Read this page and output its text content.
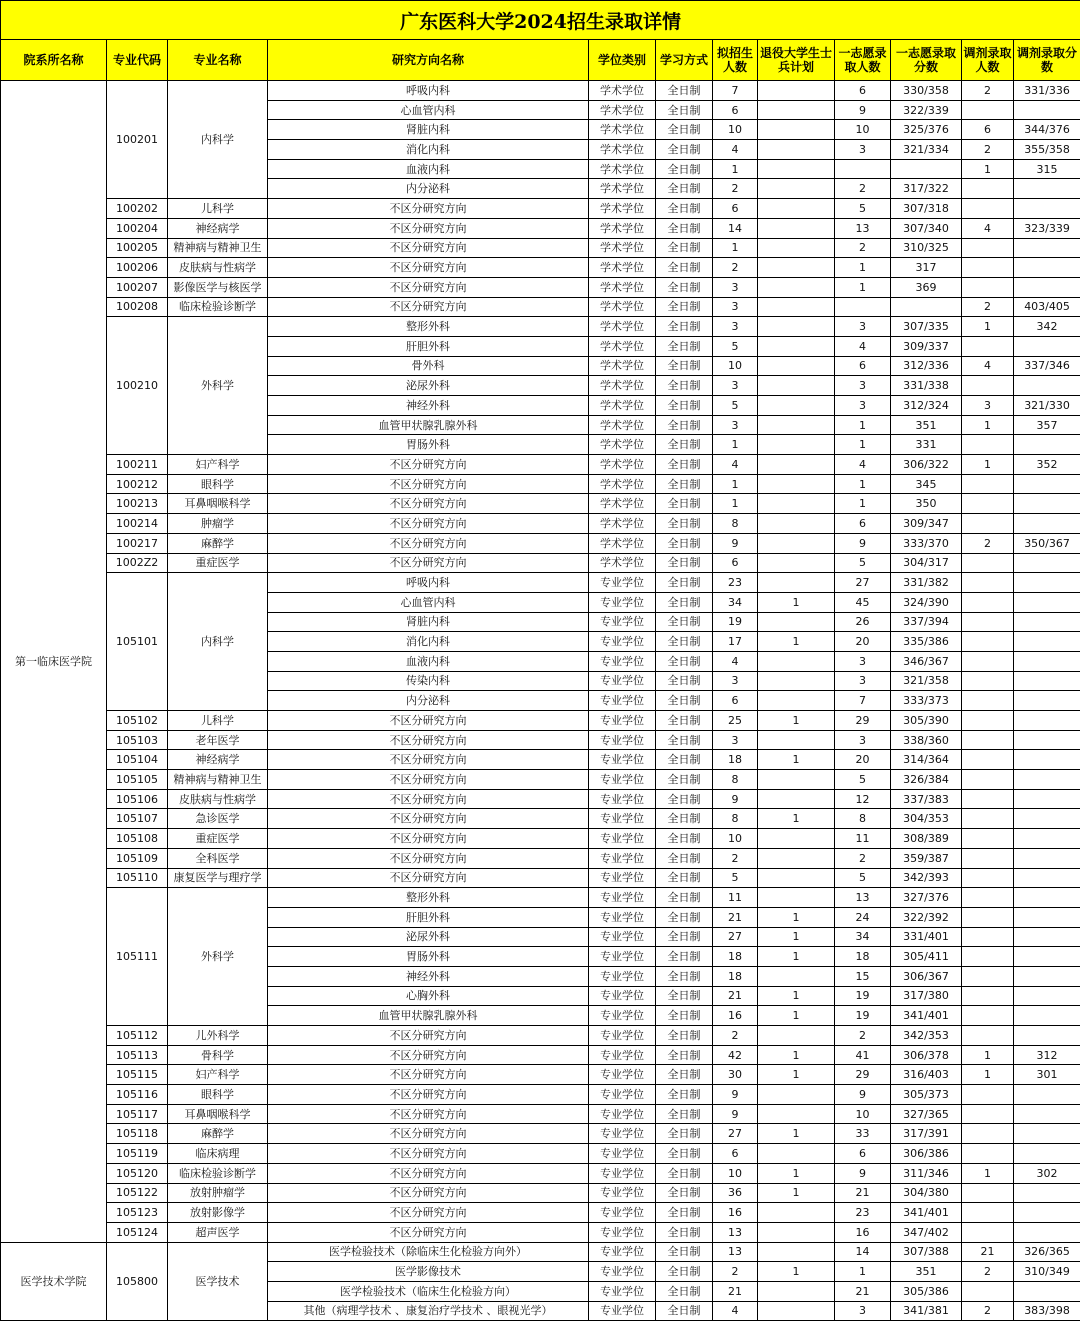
广东医科大学2024招生录取详情											
院系所名称	专业代码	专业名称	研究方向名称	学位类别	学习方式	拟招生人数	退役大学生士兵计划	一志愿录取人数	一志愿录取分数	调剂录取人数	调剂录取分数
第一临床医学院	100201	内科学	呼吸内科	学术学位	全日制	7		6	330/358	2	331/336
			心血管内科	学术学位	全日制	6		9	322/339		
			肾脏内科	学术学位	全日制	10		10	325/376	6	344/376
			消化内科	学术学位	全日制	4		3	321/334	2	355/358
			血液内科	学术学位	全日制	1				1	315
			内分泌科	学术学位	全日制	2		2	317/322		
	100202	儿科学	不区分研究方向	学术学位	全日制	6		5	307/318		
	100204	神经病学	不区分研究方向	学术学位	全日制	14		13	307/340	4	323/339
	100205	精神病与精神卫生	不区分研究方向	学术学位	全日制	1		2	310/325		
	100206	皮肤病与性病学	不区分研究方向	学术学位	全日制	2		1	317		
	100207	影像医学与核医学	不区分研究方向	学术学位	全日制	3		1	369		
	100208	临床检验诊断学	不区分研究方向	学术学位	全日制	3				2	403/405
	100210	外科学	整形外科	学术学位	全日制	3		3	307/335	1	342
			肝胆外科	学术学位	全日制	5		4	309/337		
			骨外科	学术学位	全日制	10		6	312/336	4	337/346
			泌尿外科	学术学位	全日制	3		3	331/338		
			神经外科	学术学位	全日制	5		3	312/324	3	321/330
			血管甲状腺乳腺外科	学术学位	全日制	3		1	351	1	357
			胃肠外科	学术学位	全日制	1		1	331		
	100211	妇产科学	不区分研究方向	学术学位	全日制	4		4	306/322	1	352
	100212	眼科学	不区分研究方向	学术学位	全日制	1		1	345		
	100213	耳鼻咽喉科学	不区分研究方向	学术学位	全日制	1		1	350		
	100214	肿瘤学	不区分研究方向	学术学位	全日制	8		6	309/347		
	100217	麻醉学	不区分研究方向	学术学位	全日制	9		9	333/370	2	350/367
	1002Z2	重症医学	不区分研究方向	学术学位	全日制	6		5	304/317		
	105101	内科学	呼吸内科	专业学位	全日制	23		27	331/382		
			心血管内科	专业学位	全日制	34	1	45	324/390		
			肾脏内科	专业学位	全日制	19		26	337/394		
			消化内科	专业学位	全日制	17	1	20	335/386		
			血液内科	专业学位	全日制	4		3	346/367		
			传染内科	专业学位	全日制	3		3	321/358		
			内分泌科	专业学位	全日制	6		7	333/373		
	105102	儿科学	不区分研究方向	专业学位	全日制	25	1	29	305/390		
	105103	老年医学	不区分研究方向	专业学位	全日制	3		3	338/360		
	105104	神经病学	不区分研究方向	专业学位	全日制	18	1	20	314/364		
	105105	精神病与精神卫生	不区分研究方向	专业学位	全日制	8		5	326/384		
	105106	皮肤病与性病学	不区分研究方向	专业学位	全日制	9		12	337/383		
	105107	急诊医学	不区分研究方向	专业学位	全日制	8	1	8	304/353		
	105108	重症医学	不区分研究方向	专业学位	全日制	10		11	308/389		
	105109	全科医学	不区分研究方向	专业学位	全日制	2		2	359/387		
	105110	康复医学与理疗学	不区分研究方向	专业学位	全日制	5		5	342/393		
	105111	外科学	整形外科	专业学位	全日制	11		13	327/376		
			肝胆外科	专业学位	全日制	21	1	24	322/392		
			泌尿外科	专业学位	全日制	27	1	34	331/401		
			胃肠外科	专业学位	全日制	18	1	18	305/411		
			神经外科	专业学位	全日制	18		15	306/367		
			心胸外科	专业学位	全日制	21	1	19	317/380		
			血管甲状腺乳腺外科	专业学位	全日制	16	1	19	341/401		
	105112	儿外科学	不区分研究方向	专业学位	全日制	2		2	342/353		
	105113	骨科学	不区分研究方向	专业学位	全日制	42	1	41	306/378	1	312
	105115	妇产科学	不区分研究方向	专业学位	全日制	30	1	29	316/403	1	301
	105116	眼科学	不区分研究方向	专业学位	全日制	9		9	305/373		
	105117	耳鼻咽喉科学	不区分研究方向	专业学位	全日制	9		10	327/365		
	105118	麻醉学	不区分研究方向	专业学位	全日制	27	1	33	317/391		
	105119	临床病理	不区分研究方向	专业学位	全日制	6		6	306/386		
	105120	临床检验诊断学	不区分研究方向	专业学位	全日制	10	1	9	311/346	1	302
	105122	放射肿瘤学	不区分研究方向	专业学位	全日制	36	1	21	304/380		
	105123	放射影像学	不区分研究方向	专业学位	全日制	16		23	341/401		
	105124	超声医学	不区分研究方向	专业学位	全日制	13		16	347/402		
医学技术学院	105800	医学技术	医学检验技术（除临床生化检验方向外）	专业学位	全日制	13		14	307/388	21	326/365
			医学影像技术	专业学位	全日制	2	1	1	351	2	310/349
			医学检验技术（临床生化检验方向）	专业学位	全日制	21		21	305/386		
			其他（病理学技术 、康复治疗学技术 、眼视光学）	专业学位	全日制	4		3	341/381	2	383/398
